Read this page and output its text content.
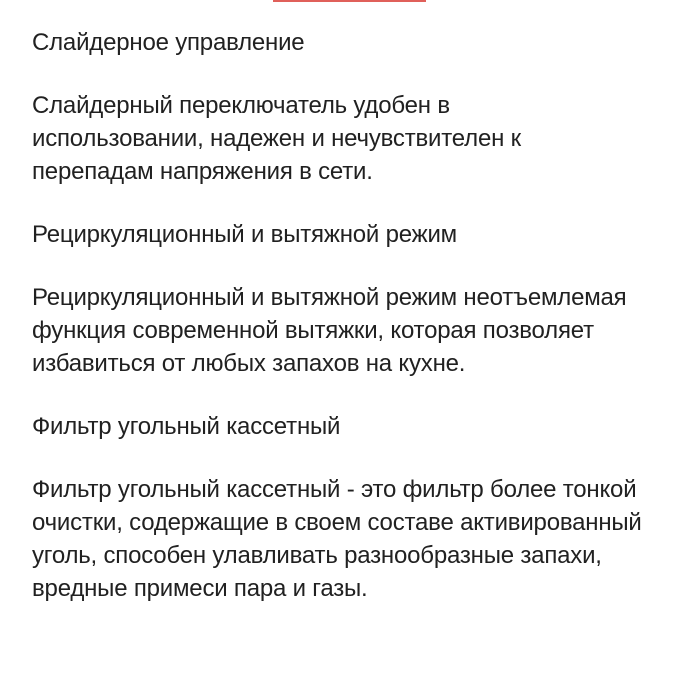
Слайдерное управление

Слайдерный переключатель удобен в использовании, надежен и нечувствителен к перепадам напряжения в сети.

Рециркуляционный и вытяжной режим

Рециркуляционный и вытяжной режим неотъемлемая функция современной вытяжки, которая позволяет избавиться от любых запахов на кухне.

Фильтр угольный кассетный

Фильтр угольный кассетный - это фильтр более тонкой очистки, содержащие в своем составе активированный уголь, способен улавливать разнообразные запахи, вредные примеси пара и газы.
